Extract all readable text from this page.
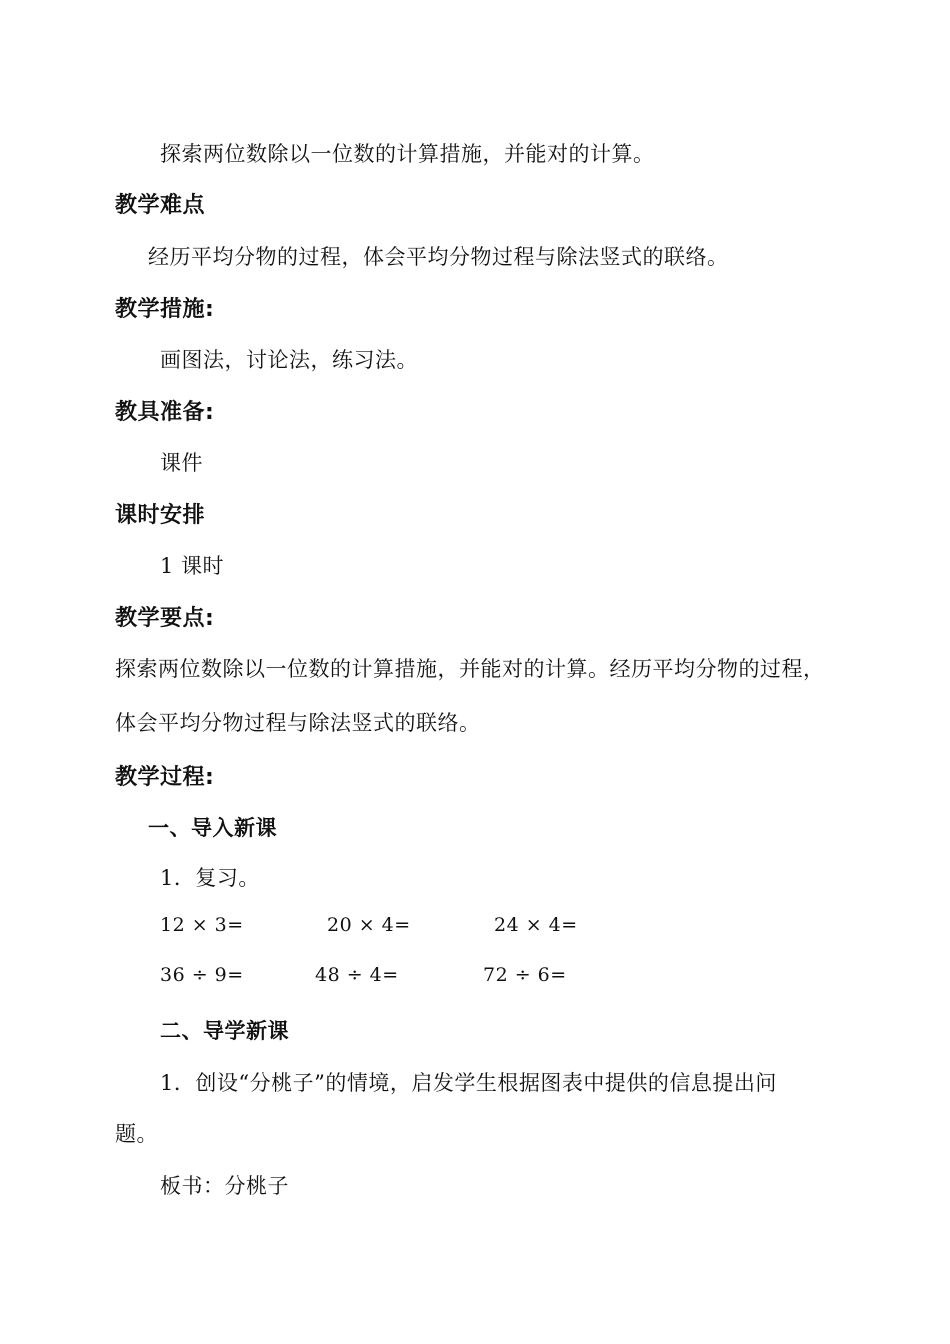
探索两位数除以一位数的计算措施，并能对的计算。
教学难点
经历平均分物的过程，体会平均分物过程与除法竖式的联络。
教学措施:
画图法，讨论法，练习法。
教具准备:
课件
课时安排
1 课时
教学要点:
探索两位数除以一位数的计算措施，并能对的计算。经历平均分物的过程，
体会平均分物过程与除法竖式的联络。
教学过程:
一、导入新课
1．复习。
12 × 3=	20 × 4=	24 × 4=
36 ÷ 9=	48 ÷ 4=	72 ÷ 6=
二、导学新课
1．创设“分桃子”的情境，启发学生根据图表中提供的信息提出问
题。
板书：分桃子
